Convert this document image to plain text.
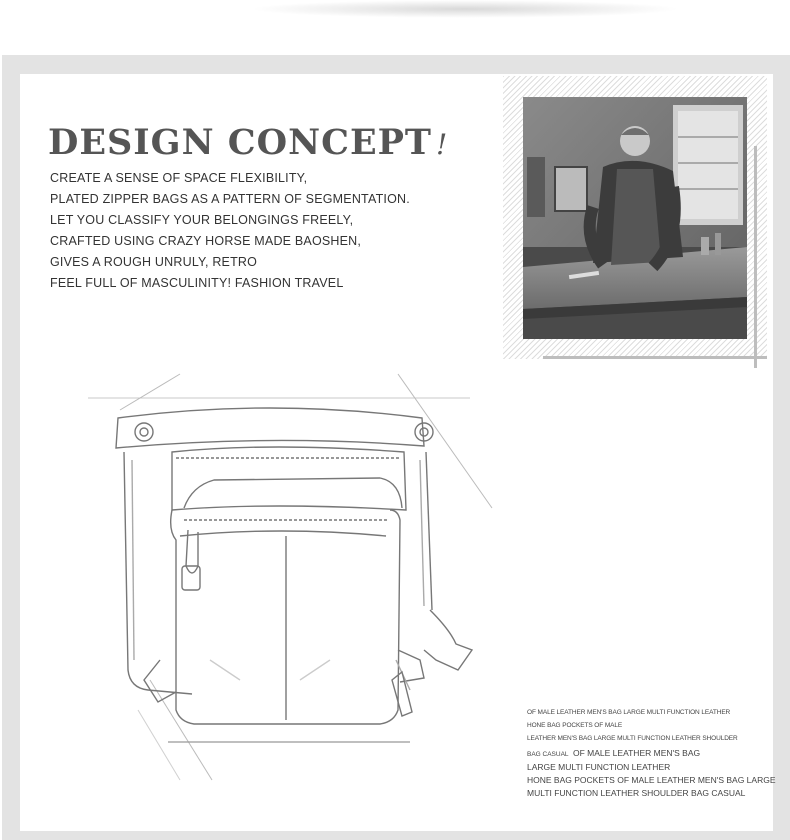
DESIGN CONCEPT !
CREATE A SENSE OF SPACE FLEXIBILITY,
PLATED ZIPPER BAGS AS A PATTERN OF SEGMENTATION.
LET YOU CLASSIFY YOUR BELONGINGS FREELY,
CRAFTED USING CRAZY HORSE MADE BAOSHEN,
GIVES A ROUGH UNRULY, RETRO
FEEL FULL OF MASCULINITY! FASHION TRAVEL
OF MALE LEATHER MEN'S BAG LARGE MULTI FUNCTION LEATHER
HONE BAG POCKETS OF MALE
LEATHER MEN'S BAG LARGE MULTI FUNCTION LEATHER SHOULDER
BAG CASUAL OF MALE LEATHER MEN'S BAG
LARGE MULTI FUNCTION LEATHER
HONE BAG POCKETS OF MALE LEATHER MEN'S BAG LARGE
MULTI FUNCTION LEATHER SHOULDER BAG CASUAL
